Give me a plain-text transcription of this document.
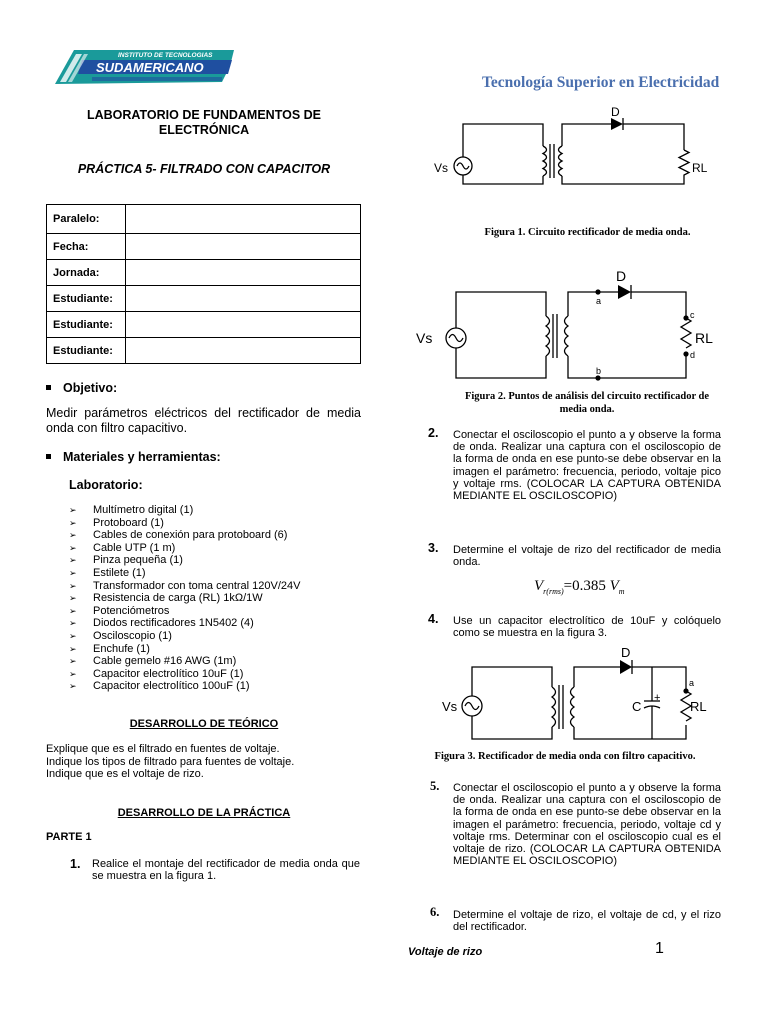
INSTITUTO DE TECNOLOGIAS
SUDAMERICANO
Tecnología Superior en Electricidad
LABORATORIO DE FUNDAMENTOS DE ELECTRÓNICA
PRÁCTICA 5- FILTRADO CON CAPACITOR
Paralelo:	
Fecha:	
Jornada:	
Estudiante:	
Estudiante:	
Estudiante:	
Objetivo:
Medir parámetros eléctricos del rectificador de media onda con filtro capacitivo.
Materiales y herramientas:
Laboratorio:
➢ Multímetro digital (1)
➢ Protoboard (1)
➢ Cables de conexión para protoboard (6)
➢ Cable UTP (1 m)
➢ Pinza pequeña (1)
➢ Estilete (1)
➢ Transformador con toma central 120V/24V
➢ Resistencia de carga (RL) 1kΩ/1W
➢ Potenciómetros
➢ Diodos rectificadores 1N5402 (4)
➢ Osciloscopio (1)
➢ Enchufe (1)
➢ Cable gemelo #16 AWG (1m)
➢ Capacitor electrolítico 10uF (1)
➢ Capacitor electrolítico 100uF (1)
DESARROLLO DE TEÓRICO
Explique que es el filtrado en fuentes de voltaje.
Indique los tipos de filtrado para fuentes de voltaje.
Indique que es el voltaje de rizo.
DESARROLLO DE LA PRÁCTICA
PARTE 1
1. Realice el montaje del rectificador de media onda que se muestra en la figura 1.
Vs
D
RL
Figura 1. Circuito rectificador de media onda.
Vs
D
RL
a
b
c
d
Figura 2. Puntos de análisis del circuito rectificador de media onda.
2. Conectar el osciloscopio el punto a y observe la forma de onda. Realizar una captura con el osciloscopio de la forma de onda en ese punto-se debe observar en la imagen el parámetro: frecuencia, periodo, voltaje pico y voltaje rms. (COLOCAR LA CAPTURA OBTENIDA MEDIANTE EL OSCILOSCOPIO)
3. Determine el voltaje de rizo del rectificador de media onda.
$V_{r(rms)}=0.385$ $V_m$
4. Use un capacitor electrolítico de 10uF y colóquelo como se muestra en la figura 3.
Vs
D
RL
C
+
a
Figura 3. Rectificador de media onda con filtro capacitivo.
5. Conectar el osciloscopio el punto a y observe la forma de onda. Realizar una captura con el osciloscopio de la forma de onda en ese punto-se debe observar en la imagen el parámetro: frecuencia, periodo, voltaje cd y voltaje rms. Determinar con el osciloscopio cual es el voltaje de rizo. (COLOCAR LA CAPTURA OBTENIDA MEDIANTE EL OSCILOSCOPIO)
6. Determine el voltaje de rizo, el voltaje de cd, y el rizo del rectificador.
Voltaje de rizo	1
